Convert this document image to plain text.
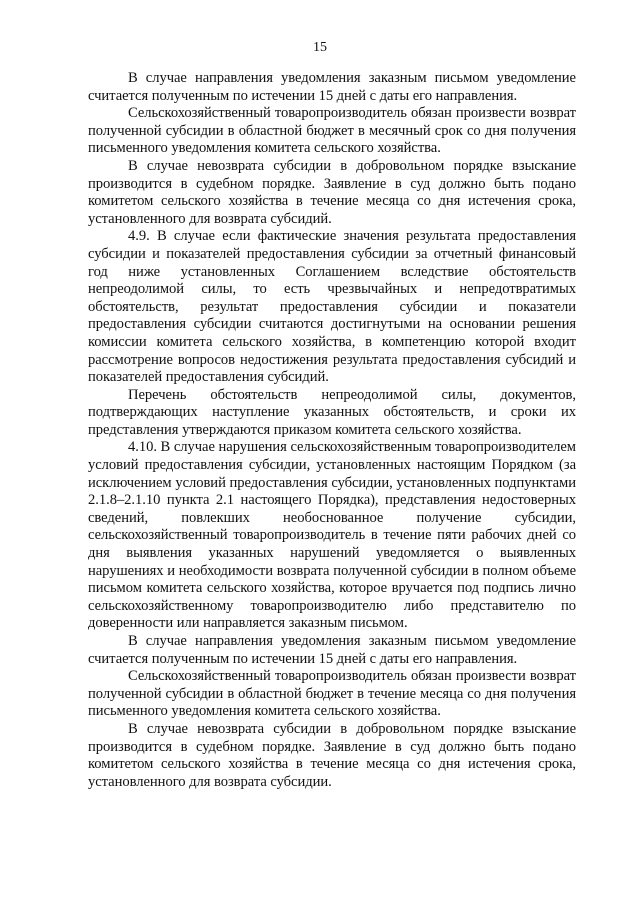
15

В случае направления уведомления заказным письмом уведомление считается полученным по истечении 15 дней с даты его направления.

Сельскохозяйственный товаропроизводитель обязан произвести возврат полученной субсидии в областной бюджет в месячный срок со дня получения письменного уведомления комитета сельского хозяйства.

В случае невозврата субсидии в добровольном порядке взыскание производится в судебном порядке. Заявление в суд должно быть подано комитетом сельского хозяйства в течение месяца со дня истечения срока, установленного для возврата субсидий.

4.9. В случае если фактические значения результата предоставления субсидии и показателей предоставления субсидии за отчетный финансовый год ниже установленных Соглашением вследствие обстоятельств непреодолимой силы, то есть чрезвычайных и непредотвратимых обстоятельств, результат предоставления субсидии и показатели предоставления субсидии считаются достигнутыми на основании решения комиссии комитета сельского хозяйства, в компетенцию которой входит рассмотрение вопросов недостижения результата предоставления субсидий и показателей предоставления субсидий.

Перечень обстоятельств непреодолимой силы, документов, подтверждающих наступление указанных обстоятельств, и сроки их представления утверждаются приказом комитета сельского хозяйства.

4.10. В случае нарушения сельскохозяйственным товаропроизводителем условий предоставления субсидии, установленных настоящим Порядком (за исключением условий предоставления субсидии, установленных подпунктами 2.1.8–2.1.10 пункта 2.1 настоящего Порядка), представления недостоверных сведений, повлекших необоснованное получение субсидии, сельскохозяйственный товаропроизводитель в течение пяти рабочих дней со дня выявления указанных нарушений уведомляется о выявленных нарушениях и необходимости возврата полученной субсидии в полном объеме письмом комитета сельского хозяйства, которое вручается под подпись лично сельскохозяйственному товаропроизводителю либо представителю по доверенности или направляется заказным письмом.

В случае направления уведомления заказным письмом уведомление считается полученным по истечении 15 дней с даты его направления.

Сельскохозяйственный товаропроизводитель обязан произвести возврат полученной субсидии в областной бюджет в течение месяца со дня получения письменного уведомления комитета сельского хозяйства.

В случае невозврата субсидии в добровольном порядке взыскание производится в судебном порядке. Заявление в суд должно быть подано комитетом сельского хозяйства в течение месяца со дня истечения срока, установленного для возврата субсидии.
